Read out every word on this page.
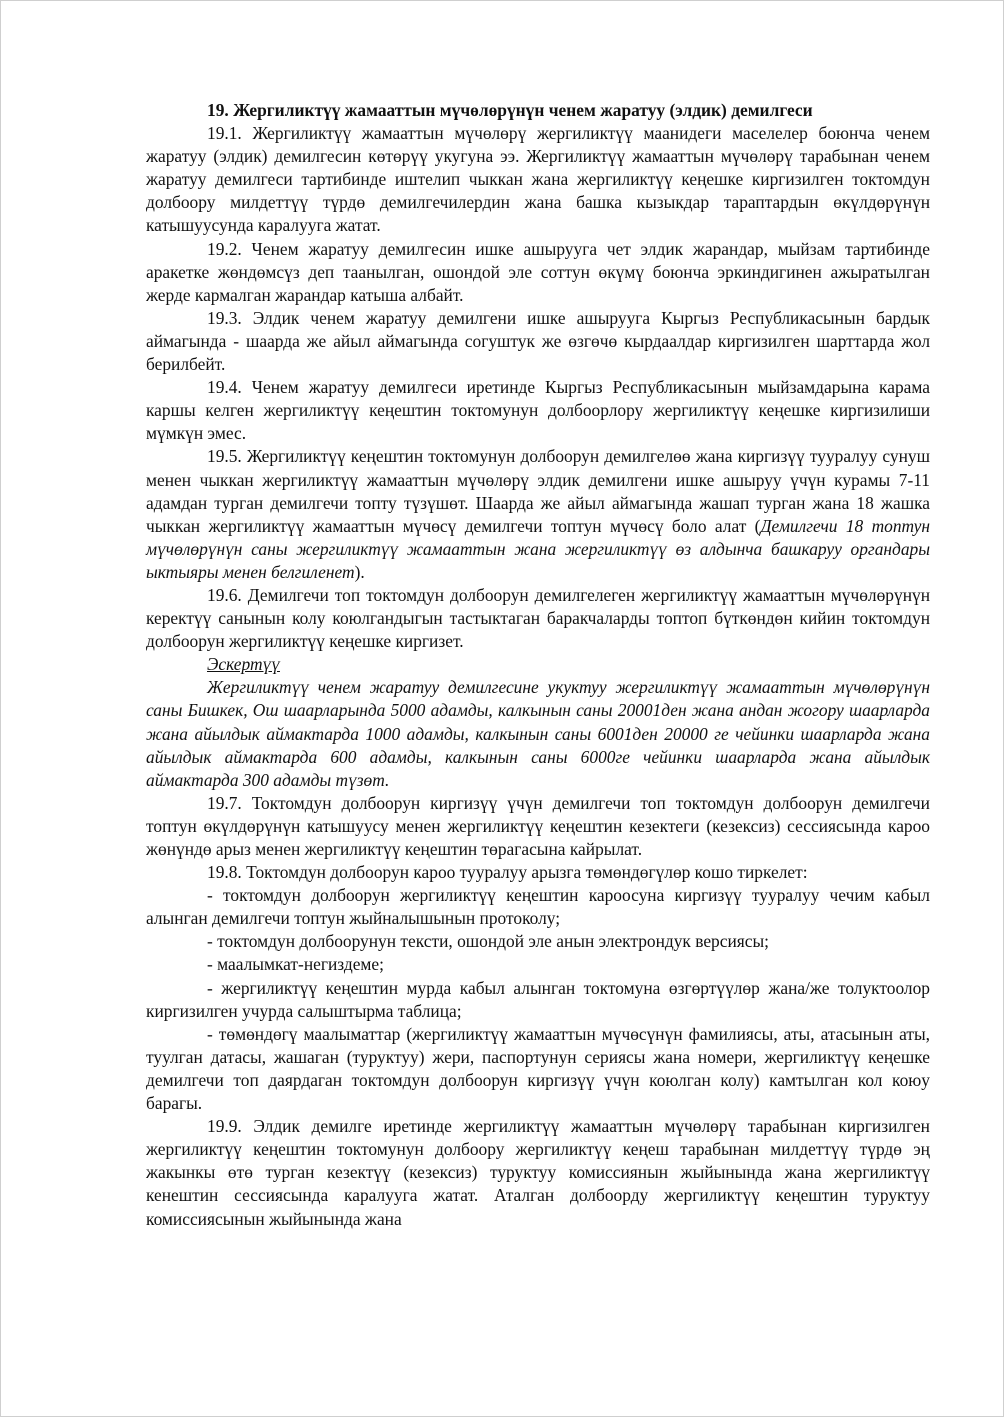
19. Жергиликтүү жамааттын мүчөлөрүнүн ченем жаратуу (элдик) демилгеси

19.1. Жергиликтүү жамааттын мүчөлөрү жергиликтүү маанидеги маселелер боюнча ченем жаратуу (элдик) демилгесин көтөрүү укугуна ээ. Жергиликтүү жамааттын мүчөлөрү тарабынан ченем жаратуу демилгеси тартибинде иштелип чыккан жана жергиликтүү кеңешке киргизилген токтомдун долбоору милдеттүү түрдө демилгечилердин жана башка кызыкдар тараптардын өкүлдөрүнүн катышуусунда каралууга жатат.

19.2. Ченем жаратуу демилгесин ишке ашырууга чет элдик жарандар, мыйзам тартибинде аракетке жөндөмсүз деп таанылган, ошондой эле соттун өкүмү боюнча эркиндигинен ажыратылган жерде кармалган жарандар катыша албайт.

19.3. Элдик ченем жаратуу демилгени ишке ашырууга Кыргыз Республикасынын бардык аймагында - шаарда же айыл аймагында согуштук же өзгөчө кырдаалдар киргизилген шарттарда жол берилбейт.

19.4. Ченем жаратуу демилгеси иретинде Кыргыз Республикасынын мыйзамдарына карама каршы келген жергиликтүү кеңештин токтомунун долбоорлору жергиликтүү кеңешке киргизилиши мүмкүн эмес.

19.5. Жергиликтүү кеңештин токтомунун долбоорун демилгелөө жана киргизүү тууралуу сунуш менен чыккан жергиликтүү жамааттын мүчөлөрү элдик демилгени ишке ашыруу үчүн курамы 7-11 адамдан турган демилгечи топту түзүшөт. Шаарда же айыл аймагында жашап турган жана 18 жашка чыккан жергиликтүү жамааттын мүчөсү демилгечи топтун мүчөсү боло алат (Демилгечи 18 топтун мүчөлөрүнүн саны жергиликтүү жамааттын жана жергиликтүү өз алдынча башкаруу органдары ыктыяры менен белгиленет).

19.6. Демилгечи топ токтомдун долбоорун демилгелеген жергиликтүү жамааттын мүчөлөрүнүн керектүү санынын колу коюлгандыгын тастыктаган баракчаларды топтоп бүткөндөн кийин токтомдун долбоорун жергиликтүү кеңешке киргизет.

Эскертүү

Жергиликтүү ченем жаратуу демилгесине укуктуу жергиликтүү жамааттын мүчөлөрүнүн саны Бишкек, Ош шаарларында 5000 адамды, калкынын саны 20001ден жана андан жогору шаарларда жана айылдык аймактарда 1000 адамды, калкынын саны 6001ден 20000 ге чейинки шаарларда жана айылдык аймактарда 600 адамды, калкынын саны 6000ге чейинки шаарларда жана айылдык аймактарда 300 адамды түзөт.

19.7. Токтомдун долбоорун киргизүү үчүн демилгечи топ токтомдун долбоорун демилгечи топтун өкүлдөрүнүн катышуусу менен жергиликтүү кеңештин кезектеги (кезексиз) сессиясында карoo жөнүндө арыз менен жергиликтүү кеңештин төрагасына кайрылат.

19.8. Токтомдун долбоорун карoo тууралуу арызга төмөндөгүлөр кошо тиркелет:

- токтомдун долбоорун жергиликтүү кеңештин кароосуна киргизүү тууралуу чечим кабыл алынган демилгечи топтун жыйналышынын протоколу;

- токтомдун долбоорунун тексти, ошондой эле анын электрондук версиясы;

- маалымкат-негиздеме;

- жергиликтүү кеңештин мурда кабыл алынган токтомуна өзгөртүүлөр жана/же толуктоолор киргизилген учурда салыштырма таблица;

- төмөндөгү маалыматтар (жергиликтүү жамааттын мүчөсүнүн фамилиясы, аты, атасынын аты, туулган датасы, жашаган (туруктуу) жери, паспортунун сериясы жана номери, жергиликтүү кеңешке демилгечи топ даярдаган токтомдун долбоорун киргизүү үчүн коюлган колу) камтылган кол коюу барагы.

19.9. Элдик демилге иретинде жергиликтүү жамааттын мүчөлөрү тарабынан киргизилген жергиликтүү кеңештин токтомунун долбоору жергиликтүү кеңеш тарабынан милдеттүү түрдө эң жакынкы өтө турган кезектүү (кезексиз) туруктуу комиссиянын жыйынында жана жергиликтүү кенештин сессиясында каралууга жатат. Аталган долбоорду жергиликтүү кеңештин туруктуу комиссиясынын жыйынында жана
